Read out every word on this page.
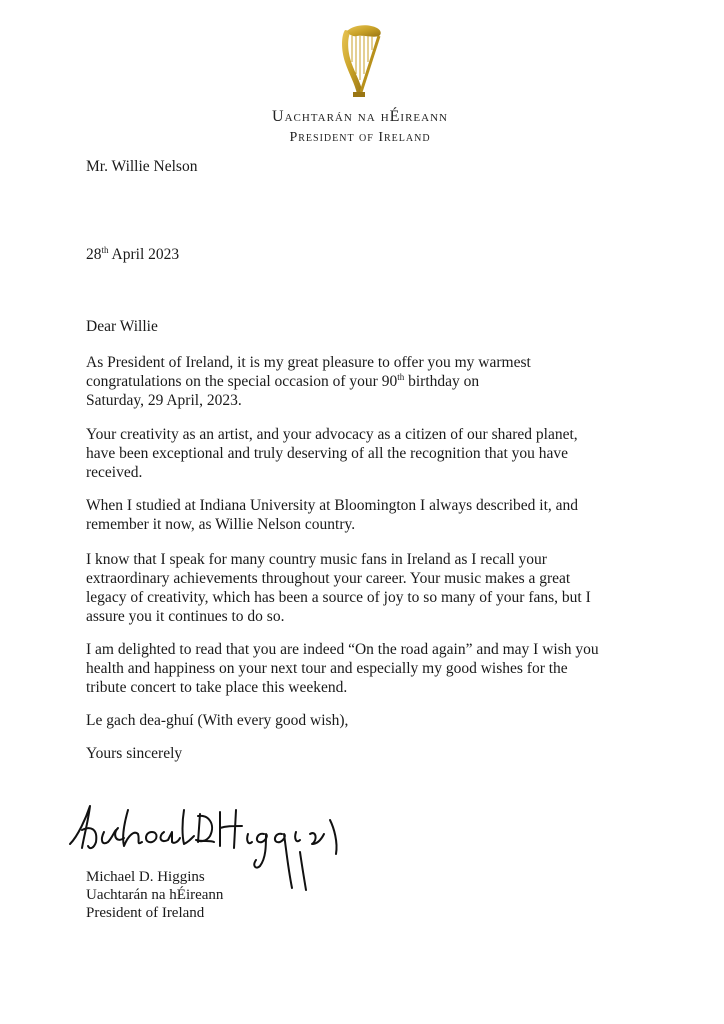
Uachtarán na hÉireann
President of Ireland
Mr. Willie Nelson
28th April 2023
Dear Willie
As President of Ireland, it is my great pleasure to offer you my warmest
congratulations on the special occasion of your 90th birthday on
Saturday, 29 April, 2023.
Your creativity as an artist, and your advocacy as a citizen of our shared planet,
have been exceptional and truly deserving of all the recognition that you have
received.
When I studied at Indiana University at Bloomington I always described it, and
remember it now, as Willie Nelson country.
I know that I speak for many country music fans in Ireland as I recall your
extraordinary achievements throughout your career. Your music makes a great
legacy of creativity, which has been a source of joy to so many of your fans, but I
assure you it continues to do so.
I am delighted to read that you are indeed “On the road again” and may I wish you
health and happiness on your next tour and especially my good wishes for the
tribute concert to take place this weekend.
Le gach dea-ghuí (With every good wish),
Yours sincerely
Michael D. Higgins
Uachtarán na hÉireann
President of Ireland
